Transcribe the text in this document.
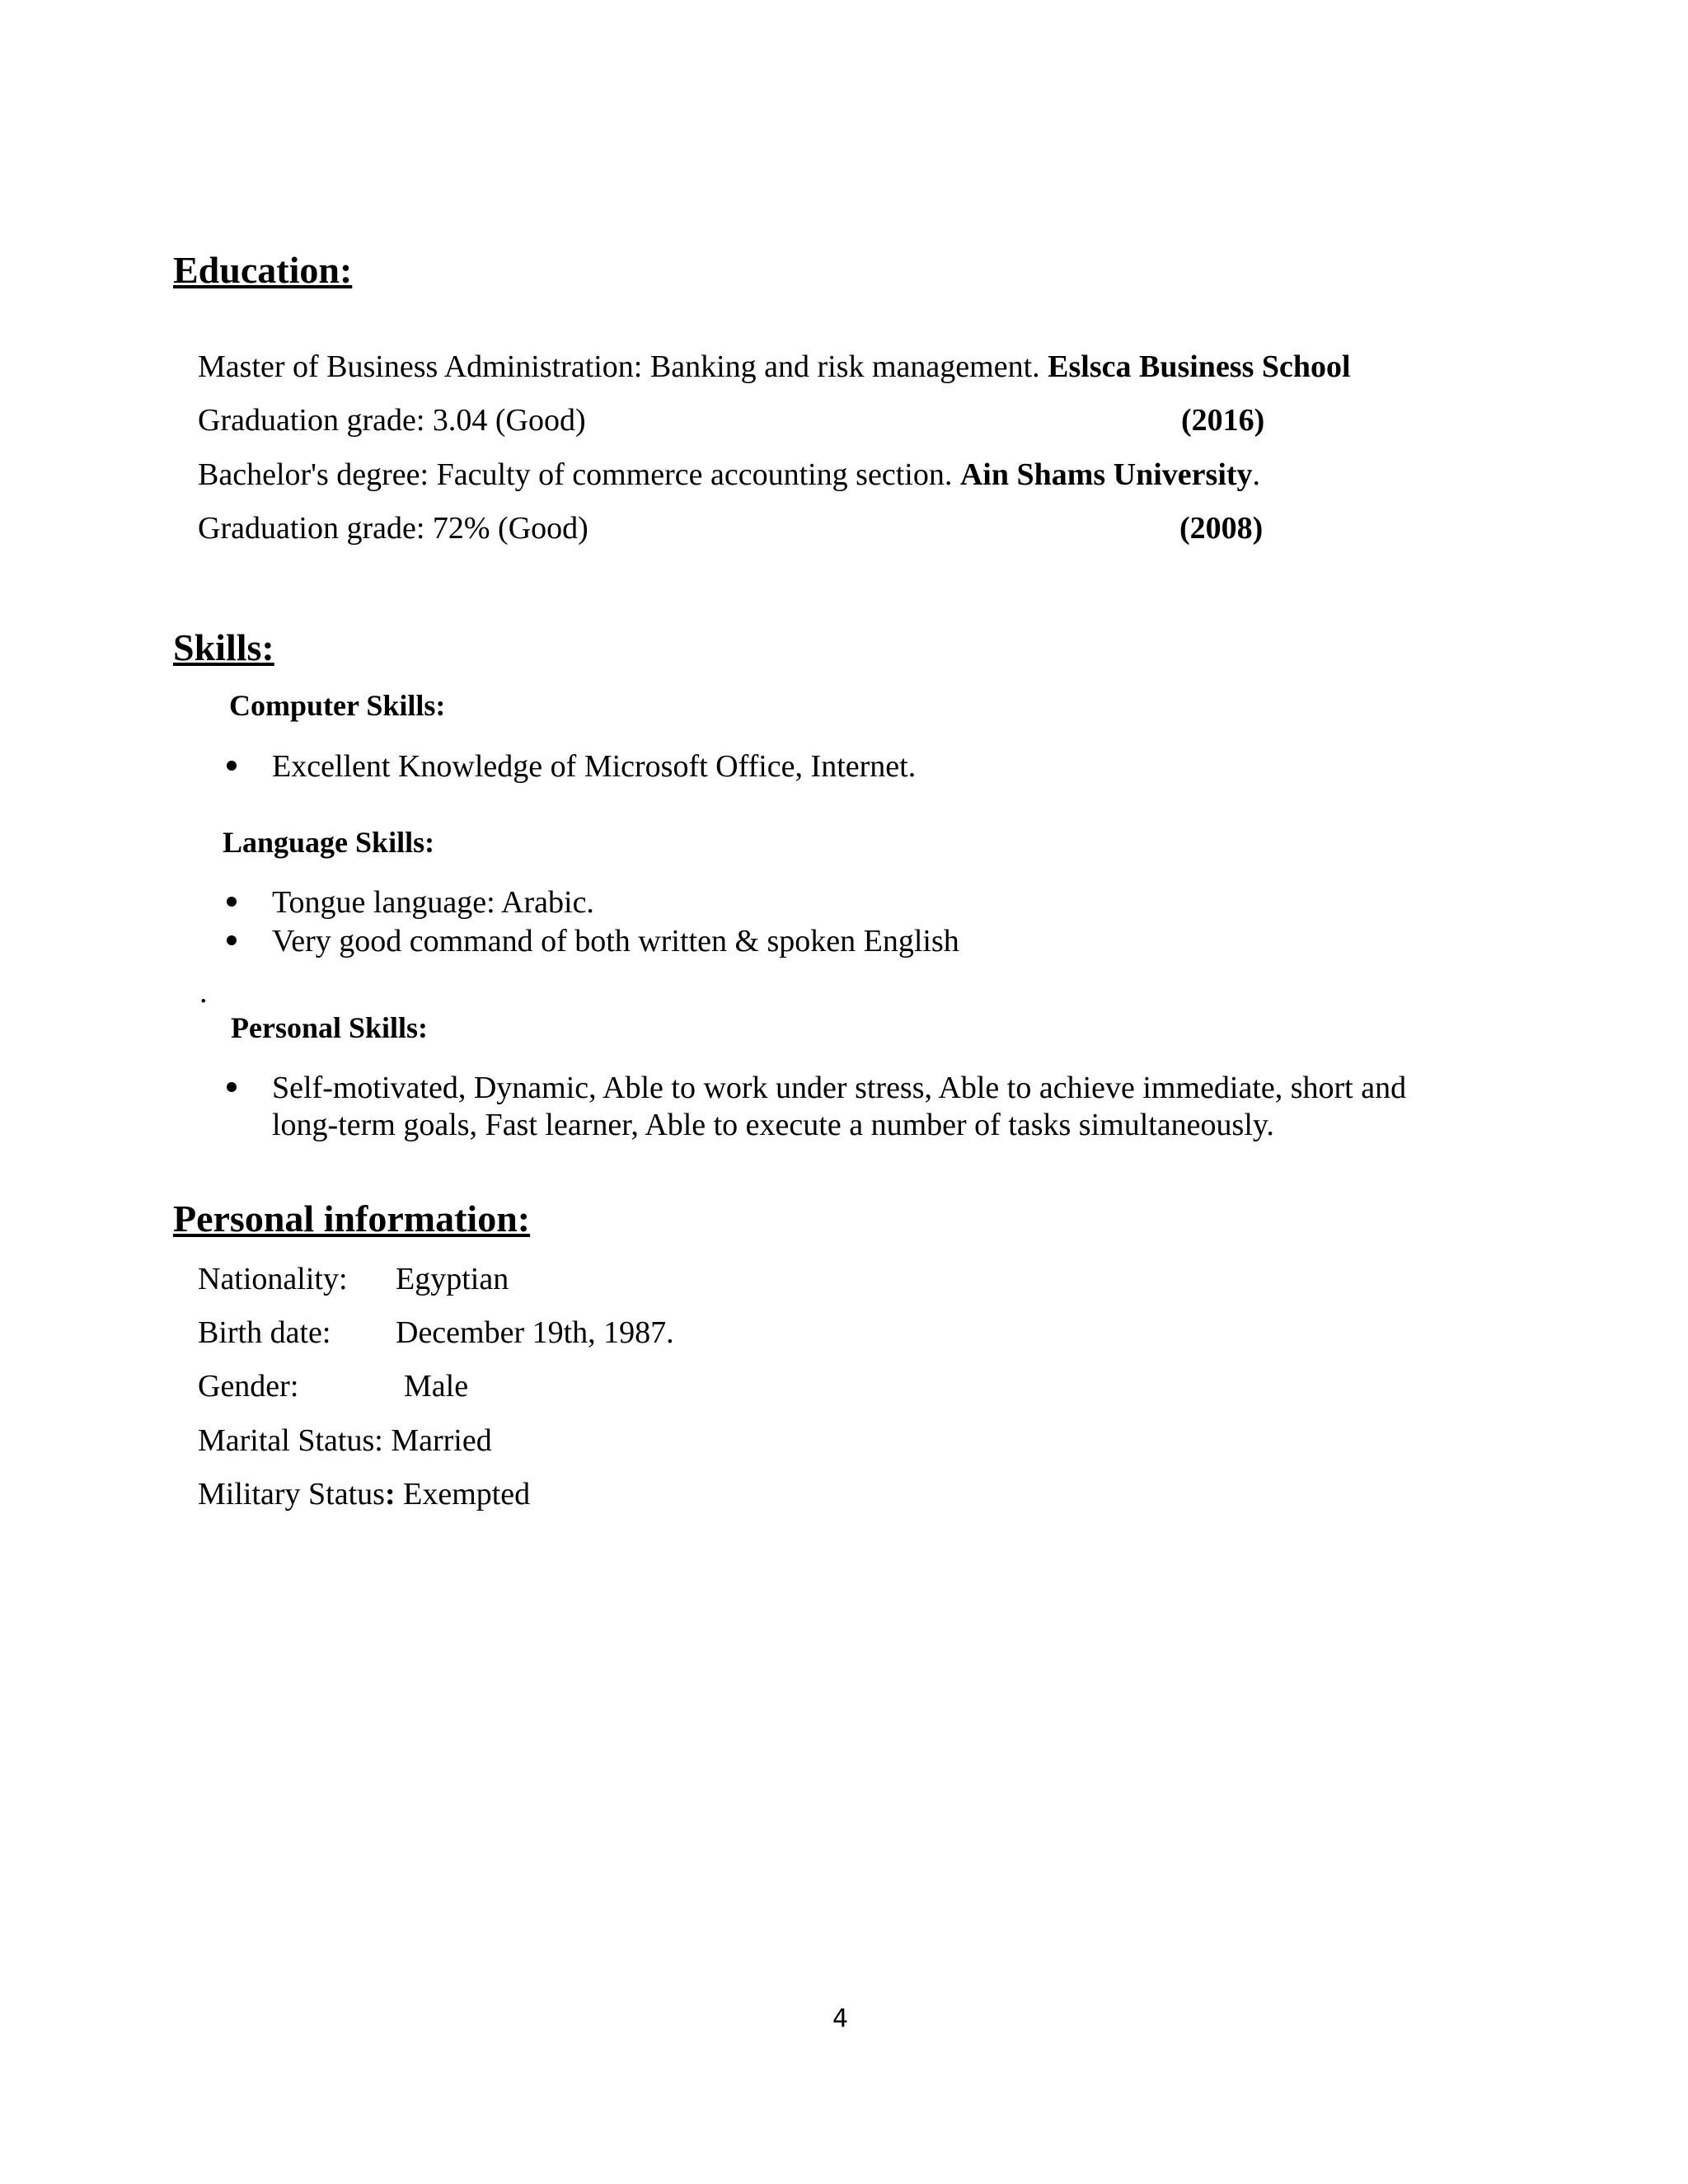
Education:
Master of Business Administration: Banking and risk management. Eslsca Business School
Graduation grade: 3.04 (Good)	(2016)
Bachelor's degree: Faculty of commerce accounting section. Ain Shams University.
Graduation grade: 72% (Good)	(2008)
Skills:
Computer Skills:
Excellent Knowledge of Microsoft Office, Internet.
Language Skills:
Tongue language: Arabic.
Very good command of both written & spoken English
.
Personal Skills:
Self-motivated, Dynamic, Able to work under stress, Able to achieve immediate, short and
long-term goals, Fast learner, Able to execute a number of tasks simultaneously.
Personal information:
Nationality: Egyptian
Birth date: December 19th, 1987.
Gender:	Male
Marital Status: Married
Military Status: Exempted
4
